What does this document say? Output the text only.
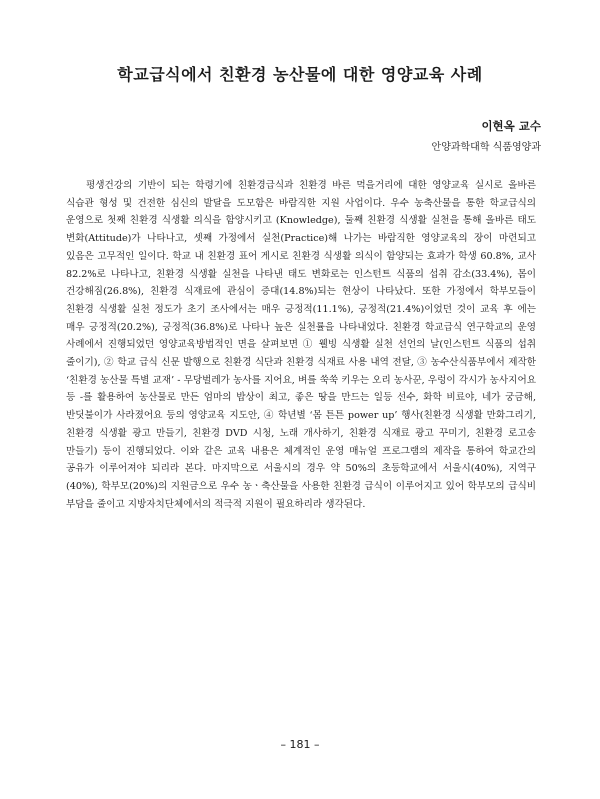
학교급식에서 친환경 농산물에 대한 영양교육 사례
이현옥 교수
안양과학대학 식품영양과

평생건강의 기반이 되는 학령기에 친환경급식과 친환경 바른 먹을거리에 대한 영양교육 실시로 올바른 식습관 형성 및 건전한 심신의 발달을 도모함은 바람직한 지원 사업이다. 우수 농축산물을 통한 학교급식의 운영으로 첫째 친환경 식생활 의식을 함양시키고 (Knowledge), 둘째 친환경 식생활 실천을 통해 올바른 태도 변화(Attitude)가 나타나고, 셋째 가정에서 실천(Practice)해 나가는 바람직한 영양교육의 장이 마련되고 있음은 고무적인 일이다. 학교 내 친환경 표어 게시로 친환경 식생활 의식이 함양되는 효과가 학생 60.8%, 교사 82.2%로 나타나고, 친환경 식생활 실천을 나타낸 태도 변화로는 인스턴트 식품의 섭취 감소(33.4%), 몸이 건강해짐(26.8%), 친환경 식재료에 관심이 증대(14.8%)되는 현상이 나타났다. 또한 가정에서 학부모들이 친환경 식생활 실천 정도가 초기 조사에서는 매우 긍정적(11.1%), 긍정적(21.4%)이었던 것이 교육 후 에는 매우 긍정적(20.2%), 긍정적(36.8%)로 나타나 높은 실천률을 나타내었다. 친환경 학교급식 연구학교의 운영 사례에서 진행되었던 영양교육방법적인 면을 살펴보면 ① 웰빙 식생활 실천 선언의 날(인스턴트 식품의 섭취 줄이기), ② 학교 급식 신문 발행으로 친환경 식단과 친환경 식재료 사용 내역 전달, ③ 농수산식품부에서 제작한 ‘친환경 농산물 특별 교재’ - 무당벌레가 농사를 지어요, 벼를 쑥쑥 키우는 오리 농사꾼, 우렁이 각시가 농사지어요 등 -를 활용하여 농산물로 만든 엄마의 밥상이 최고, 좋은 땅을 만드는 일등 선수, 화학 비료야, 네가 궁금해, 반딧불이가 사라졌어요 등의 영양교육 지도안, ④ 학년별 ‘몸 튼튼 power up’ 행사(친환경 식생활 만화그리기, 친환경 식생활 광고 만들기, 친환경 DVD 시청, 노래 개사하기, 친환경 식재료 광고 꾸미기, 친환경 로고송 만들기) 등이 진행되었다. 이와 같은 교육 내용은 체계적인 운영 매뉴얼 프로그램의 제작을 통하여 학교간의 공유가 이루어져야 되리라 본다. 마지막으로 서울시의 경우 약 50%의 초등학교에서 서울시(40%), 지역구(40%), 학부모(20%)의 지원금으로 우수 농ㆍ축산물을 사용한 친환경 급식이 이루어지고 있어 학부모의 급식비 부담을 줄이고 지방자치단체에서의 적극적 지원이 필요하리라 생각된다.

– 181 –
